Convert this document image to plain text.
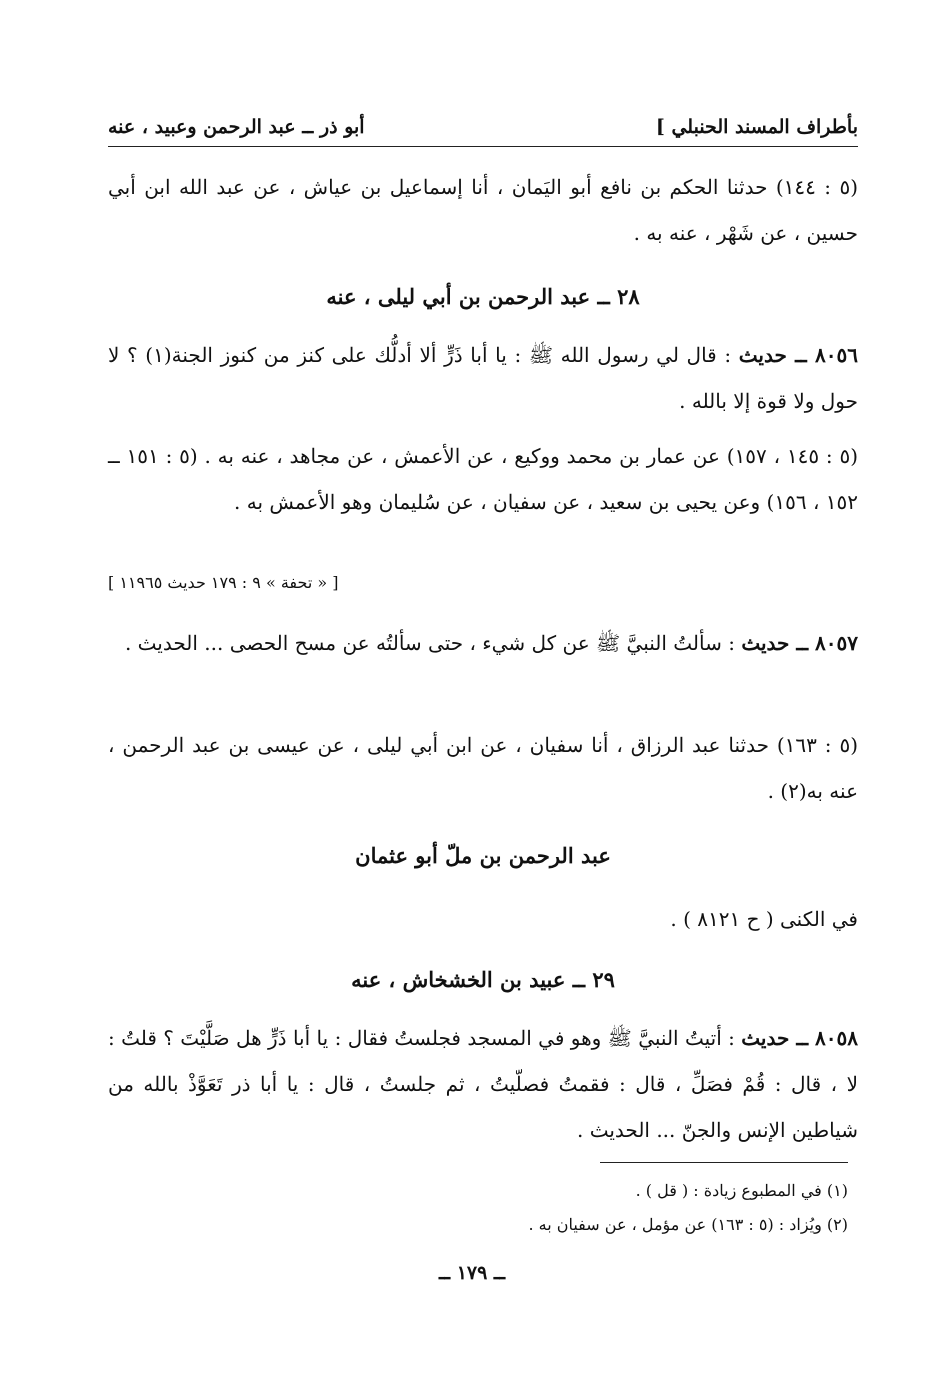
بأطراف المسند الحنبلي ]
أبو ذر ــ عبد الرحمن وعبيد ، عنه
(٥ : ١٤٤) حدثنا الحكم بن نافع أبو اليَمان ، أنا إسماعيل بن عياش ، عن عبد الله ابن أبي حسين ، عن شَهْر ، عنه به .
٢٨ ــ عبد الرحمن بن أبي ليلى ، عنه
٨٠٥٦ ــ حديث : قال لي رسول الله ﷺ : يا أبا ذَرٍّ ألا أدلُّك على كنز من كنوز الجنة(١) ؟ لا حول ولا قوة إلا بالله .
(٥ : ١٤٥ ، ١٥٧) عن عمار بن محمد ووكيع ، عن الأعمش ، عن مجاهد ، عنه به . (٥ : ١٥١ ــ ١٥٢ ، ١٥٦) وعن يحيى بن سعيد ، عن سفيان ، عن سُليمان وهو الأعمش به .
[ « تحفة » ٩ : ١٧٩ حديث ١١٩٦٥ ]
٨٠٥٧ ــ حديث : سألتُ النبيَّ ﷺ عن كل شيء ، حتى سألتُه عن مسح الحصى ... الحديث .
(٥ : ١٦٣) حدثنا عبد الرزاق ، أنا سفيان ، عن ابن أبي ليلى ، عن عيسى بن عبد الرحمن ، عنه به(٢) .
عبد الرحمن بن ملّ أبو عثمان
في الكنى ( ح ٨١٢١ ) .
٢٩ ــ عبيد بن الخشخاش ، عنه
٨٠٥٨ ــ حديث : أتيتُ النبيَّ ﷺ وهو في المسجد فجلستُ فقال : يا أبا ذَرٍّ هل صَلَّيْتَ ؟ قلتُ : لا ، قال : قُمْ فصَلِّ ، قال : فقمتُ فصلّيتُ ، ثم جلستُ ، قال : يا أبا ذر تَعَوَّذْ بالله من شياطين الإنس والجنّ ... الحديث .
(١) في المطبوع زيادة : ( قل ) .
(٢) ويُزاد : (٥ : ١٦٣) عن مؤمل ، عن سفيان به .
ــ ١٧٩ ــ
